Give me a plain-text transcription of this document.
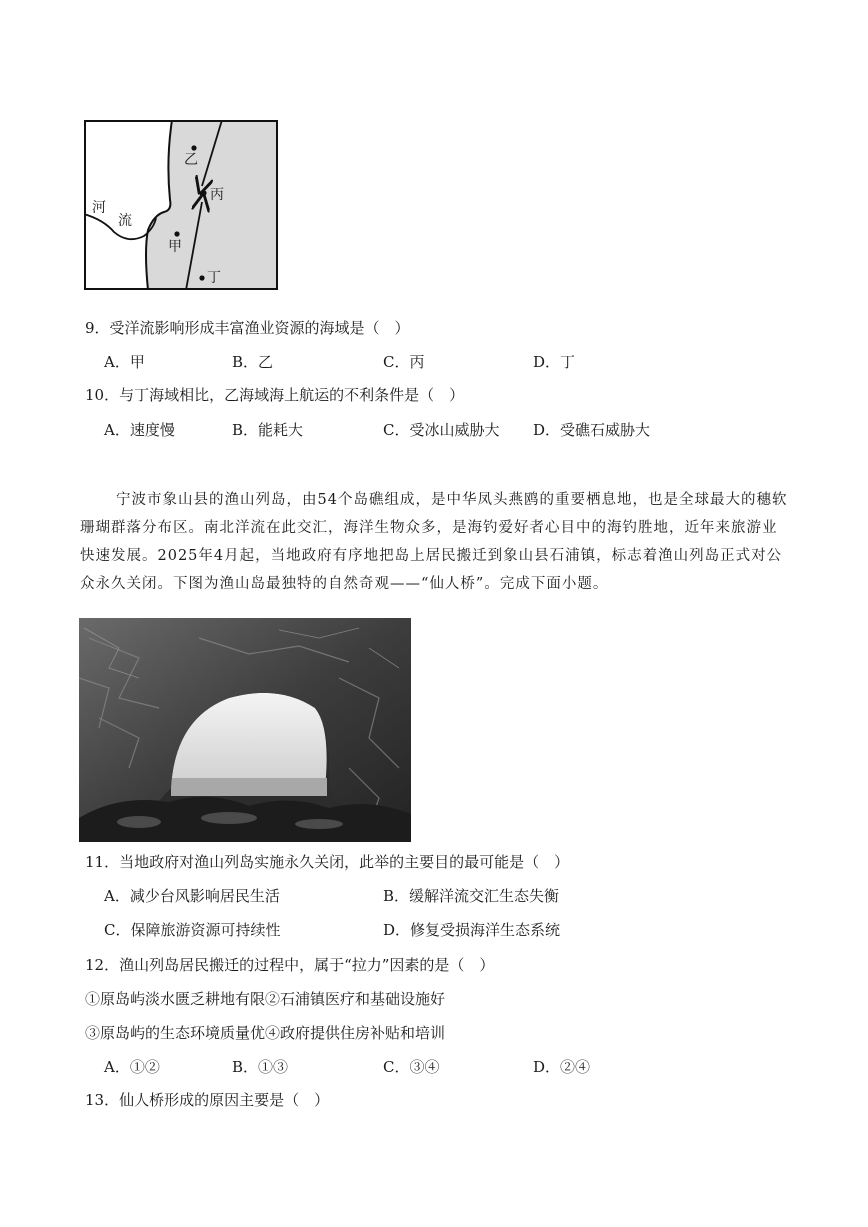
河
流
乙
丙
甲
丁
9．受洋流影响形成丰富渔业资源的海域是（　）
A．甲	B．乙	C．丙	D．丁
10．与丁海域相比，乙海域海上航运的不利条件是（　）
A．速度慢	B．能耗大	C．受冰山威胁大 D．受礁石威胁大
宁波市象山县的渔山列岛，由54个岛礁组成，是中华凤头燕鸥的重要栖息地，也是全球最大的穗软珊瑚群落分布区。南北洋流在此交汇，海洋生物众多，是海钓爱好者心目中的海钓胜地，近年来旅游业快速发展。2025年4月起，当地政府有序地把岛上居民搬迁到象山县石浦镇，标志着渔山列岛正式对公众永久关闭。下图为渔山岛最独特的自然奇观——“仙人桥”。完成下面小题。
11．当地政府对渔山列岛实施永久关闭，此举的主要目的最可能是（　）
A．减少台风影响居民生活	B．缓解洋流交汇生态失衡
C．保障旅游资源可持续性	D．修复受损海洋生态系统
12．渔山列岛居民搬迁的过程中，属于“拉力”因素的是（　）
①原岛屿淡水匮乏耕地有限②石浦镇医疗和基础设施好
③原岛屿的生态环境质量优④政府提供住房补贴和培训
A．①②	B．①③	C．③④	D．②④
13．仙人桥形成的原因主要是（　）
